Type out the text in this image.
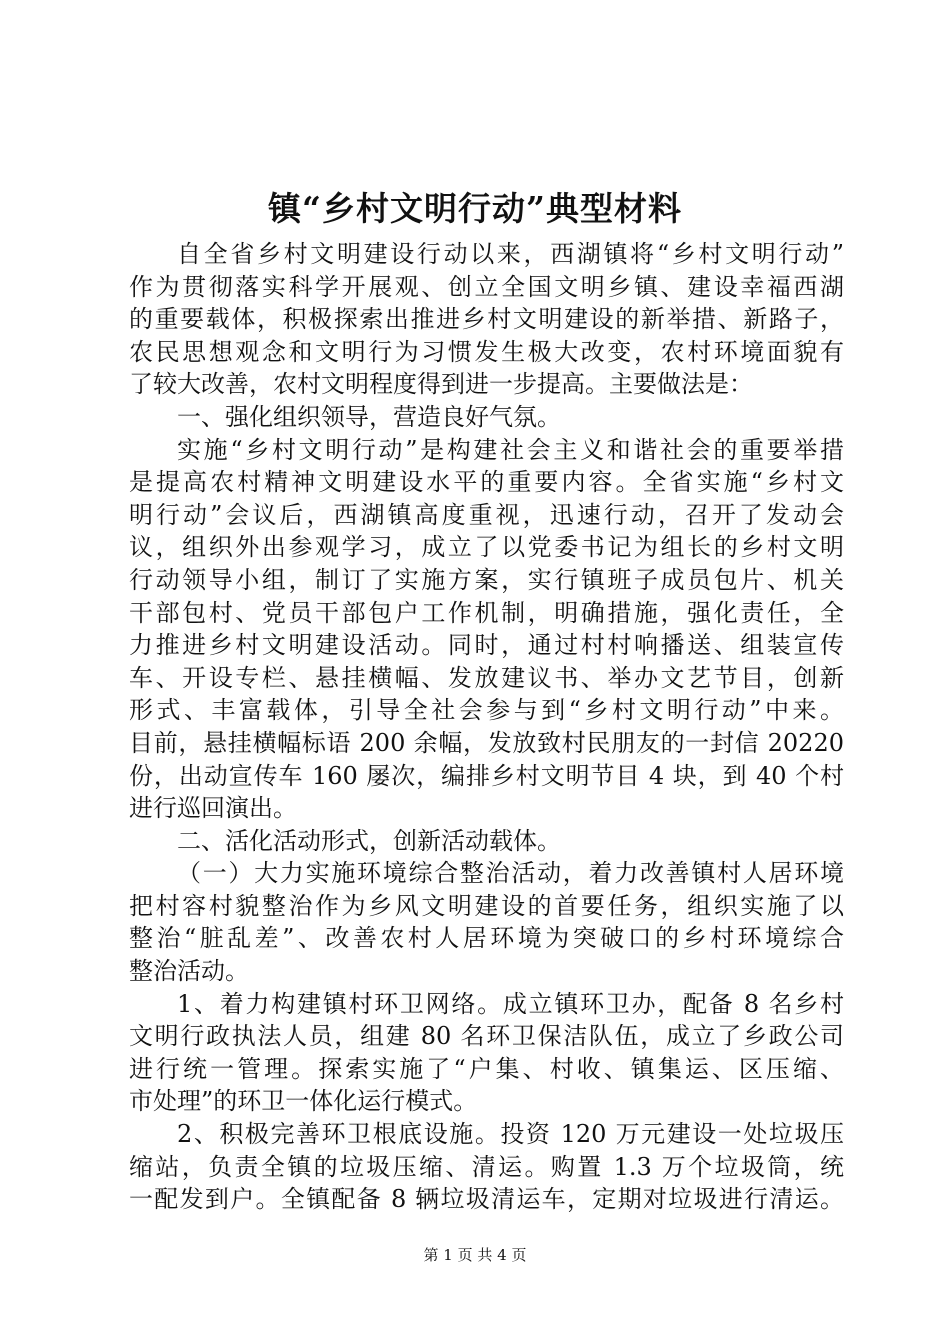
镇“乡村文明行动”典型材料
自全省乡村文明建设行动以来，西湖镇将“乡村文明行动”
作为贯彻落实科学开展观、创立全国文明乡镇、建设幸福西湖
的重要载体，积极探索出推进乡村文明建设的新举措、新路子，
农民思想观念和文明行为习惯发生极大改变，农村环境面貌有
了较大改善，农村文明程度得到进一步提高。主要做法是：
一、强化组织领导，营造良好气氛。
实施“乡村文明行动”是构建社会主义和谐社会的重要举措
是提高农村精神文明建设水平的重要内容。全省实施“乡村文
明行动”会议后，西湖镇高度重视，迅速行动，召开了发动会
议，组织外出参观学习，成立了以党委书记为组长的乡村文明
行动领导小组，制订了实施方案，实行镇班子成员包片、机关
干部包村、党员干部包户工作机制，明确措施，强化责任，全
力推进乡村文明建设活动。同时，通过村村响播送、组装宣传
车、开设专栏、悬挂横幅、发放建议书、举办文艺节目，创新
形式、丰富载体，引导全社会参与到“乡村文明行动”中来。
目前，悬挂横幅标语 200 余幅，发放致村民朋友的一封信 20220
份，出动宣传车 160 屡次，编排乡村文明节目 4 块，到 40 个村
进行巡回演出。
二、活化活动形式，创新活动载体。
（一）大力实施环境综合整治活动，着力改善镇村人居环境
把村容村貌整治作为乡风文明建设的首要任务，组织实施了以
整治“脏乱差”、改善农村人居环境为突破口的乡村环境综合
整治活动。
1、着力构建镇村环卫网络。成立镇环卫办，配备 8 名乡村
文明行政执法人员，组建 80 名环卫保洁队伍，成立了乡政公司
进行统一管理。探索实施了“户集、村收、镇集运、区压缩、
市处理”的环卫一体化运行模式。
2、积极完善环卫根底设施。投资 120 万元建设一处垃圾压
缩站，负责全镇的垃圾压缩、清运。购置 1.3 万个垃圾筒，统
一配发到户。全镇配备 8 辆垃圾清运车，定期对垃圾进行清运。
第 1 页 共 4 页
